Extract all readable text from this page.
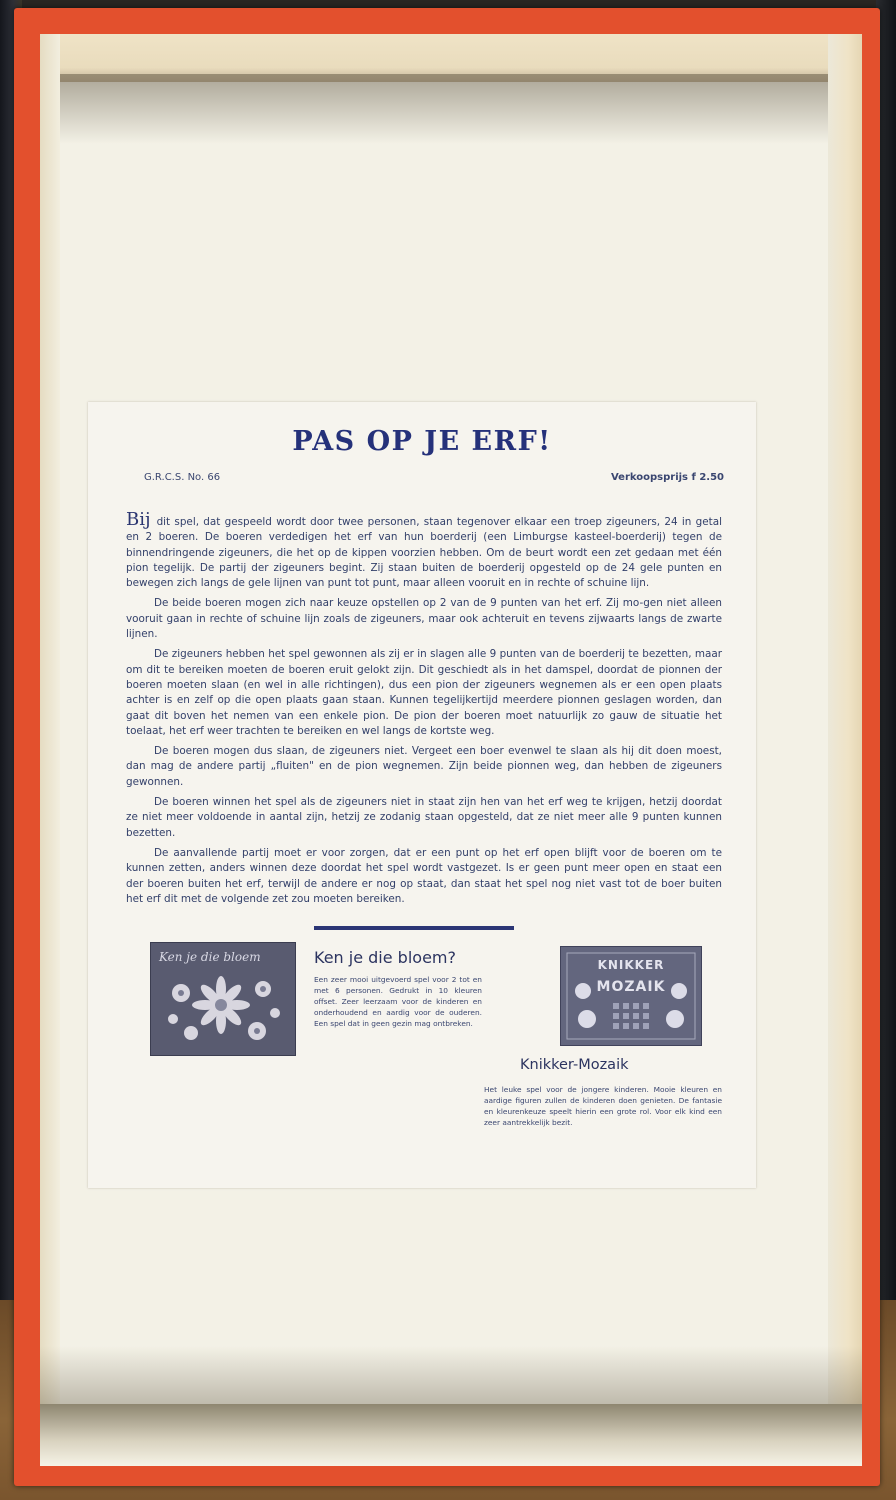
PAS OP JE ERF!
G.R.C.S. No. 66	Verkoopsprijs f 2.50

Bij dit spel, dat gespeeld wordt door twee personen, staan tegenover elkaar een troep zigeuners, 24 in getal en 2 boeren. De boeren verdedigen het erf van hun boerderij (een Limburgse kasteel-boerderij) tegen de binnendringende zigeuners, die het op de kippen voorzien hebben. Om de beurt wordt een zet gedaan met één pion tegelijk. De partij der zigeuners begint. Zij staan buiten de boerderij opgesteld op de 24 gele punten en bewegen zich langs de gele lijnen van punt tot punt, maar alleen vooruit en in rechte of schuine lijn.

De beide boeren mogen zich naar keuze opstellen op 2 van de 9 punten van het erf. Zij mo-gen niet alleen vooruit gaan in rechte of schuine lijn zoals de zigeuners, maar ook achteruit en tevens zijwaarts langs de zwarte lijnen.

De zigeuners hebben het spel gewonnen als zij er in slagen alle 9 punten van de boerderij te bezetten, maar om dit te bereiken moeten de boeren eruit gelokt zijn. Dit geschiedt als in het damspel, doordat de pionnen der boeren moeten slaan (en wel in alle richtingen), dus een pion der zigeuners wegnemen als er een open plaats achter is en zelf op die open plaats gaan staan. Kunnen tegelijkertijd meerdere pionnen geslagen worden, dan gaat dit boven het nemen van een enkele pion. De pion der boeren moet natuurlijk zo gauw de situatie het toelaat, het erf weer trachten te bereiken en wel langs de kortste weg.

De boeren mogen dus slaan, de zigeuners niet. Vergeet een boer evenwel te slaan als hij dit doen moest, dan mag de andere partij „fluiten" en de pion wegnemen. Zijn beide pionnen weg, dan hebben de zigeuners gewonnen.

De boeren winnen het spel als de zigeuners niet in staat zijn hen van het erf weg te krijgen, hetzij doordat ze niet meer voldoende in aantal zijn, hetzij ze zodanig staan opgesteld, dat ze niet meer alle 9 punten kunnen bezetten.

De aanvallende partij moet er voor zorgen, dat er een punt op het erf open blijft voor de boeren om te kunnen zetten, anders winnen deze doordat het spel wordt vastgezet. Is er geen punt meer open en staat een der boeren buiten het erf, terwijl de andere er nog op staat, dan staat het spel nog niet vast tot de boer buiten het erf dit met de volgende zet zou moeten bereiken.

Ken je die bloem	Ken je die bloem?
Een zeer mooi uitgevoerd spel voor 2 tot en met 6 personen. Gedrukt in 10 kleuren offset. Zeer leerzaam voor de kinderen en onderhoudend en aardig voor de ouderen. Een spel dat in geen gezin mag ontbreken.
KNIKKER
MOZAIK
Knikker-Mozaik
Het leuke spel voor de jongere kinderen. Mooie kleuren en aardige figuren zullen de kinderen doen genieten. De fantasie en kleurenkeuze speelt hierin een grote rol. Voor elk kind een zeer aantrekkelijk bezit.
